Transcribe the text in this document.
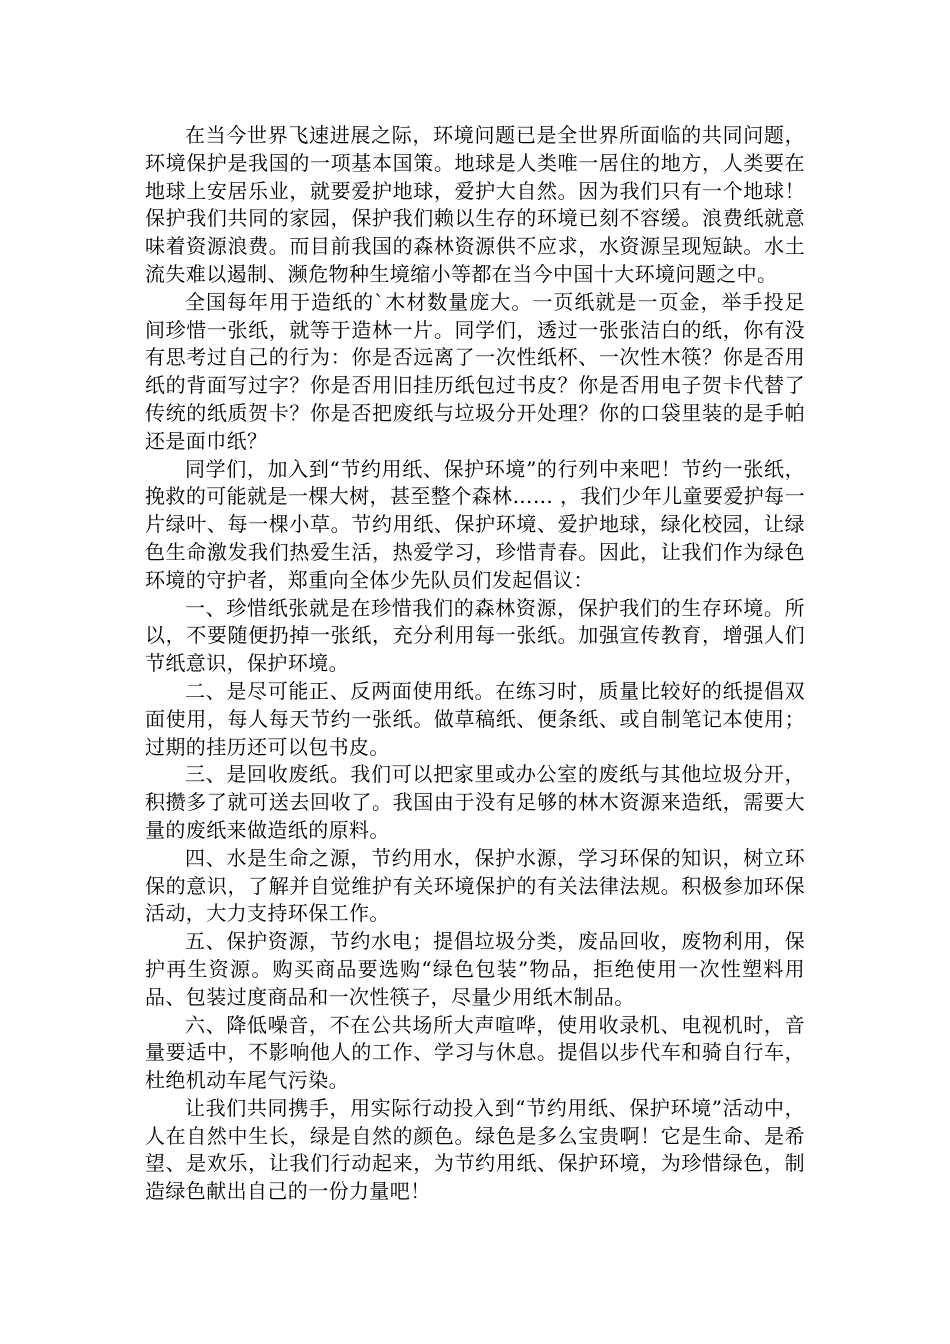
在当今世界飞速进展之际，环境问题已是全世界所面临的共同问题，环境保护是我国的一项基本国策。地球是人类唯一居住的地方，人类要在地球上安居乐业，就要爱护地球，爱护大自然。因为我们只有一个地球！保护我们共同的家园，保护我们赖以生存的环境已刻不容缓。浪费纸就意味着资源浪费。而目前我国的森林资源供不应求，水资源呈现短缺。水土流失难以遏制、濒危物种生境缩小等都在当今中国十大环境问题之中。

全国每年用于造纸的`木材数量庞大。一页纸就是一页金，举手投足间珍惜一张纸，就等于造林一片。同学们，透过一张张洁白的纸，你有没有思考过自己的行为：你是否远离了一次性纸杯、一次性木筷？你是否用纸的背面写过字？你是否用旧挂历纸包过书皮？你是否用电子贺卡代替了传统的纸质贺卡？你是否把废纸与垃圾分开处理？你的口袋里装的是手帕还是面巾纸？

同学们，加入到“节约用纸、保护环境”的行列中来吧！节约一张纸，挽救的可能就是一棵大树，甚至整个森林…… ，我们少年儿童要爱护每一片绿叶、每一棵小草。节约用纸、保护环境、爱护地球，绿化校园，让绿色生命激发我们热爱生活，热爱学习，珍惜青春。因此，让我们作为绿色环境的守护者，郑重向全体少先队员们发起倡议：

一、珍惜纸张就是在珍惜我们的森林资源，保护我们的生存环境。所以，不要随便扔掉一张纸，充分利用每一张纸。加强宣传教育，增强人们节纸意识，保护环境。

二、是尽可能正、反两面使用纸。在练习时，质量比较好的纸提倡双面使用，每人每天节约一张纸。做草稿纸、便条纸、或自制笔记本使用；过期的挂历还可以包书皮。

三、是回收废纸。我们可以把家里或办公室的废纸与其他垃圾分开，积攒多了就可送去回收了。我国由于没有足够的林木资源来造纸，需要大量的废纸来做造纸的原料。

四、水是生命之源，节约用水，保护水源，学习环保的知识，树立环保的意识，了解并自觉维护有关环境保护的有关法律法规。积极参加环保活动，大力支持环保工作。

五、保护资源，节约水电；提倡垃圾分类，废品回收，废物利用，保护再生资源。购买商品要选购“绿色包装”物品，拒绝使用一次性塑料用品、包装过度商品和一次性筷子，尽量少用纸木制品。

六、降低噪音，不在公共场所大声喧哗，使用收录机、电视机时，音量要适中，不影响他人的工作、学习与休息。提倡以步代车和骑自行车，杜绝机动车尾气污染。

让我们共同携手，用实际行动投入到“节约用纸、保护环境”活动中， 人在自然中生长，绿是自然的颜色。绿色是多么宝贵啊！它是生命、是希望、是欢乐，让我们行动起来，为节约用纸、保护环境，为珍惜绿色，制造绿色献出自己的一份力量吧！
